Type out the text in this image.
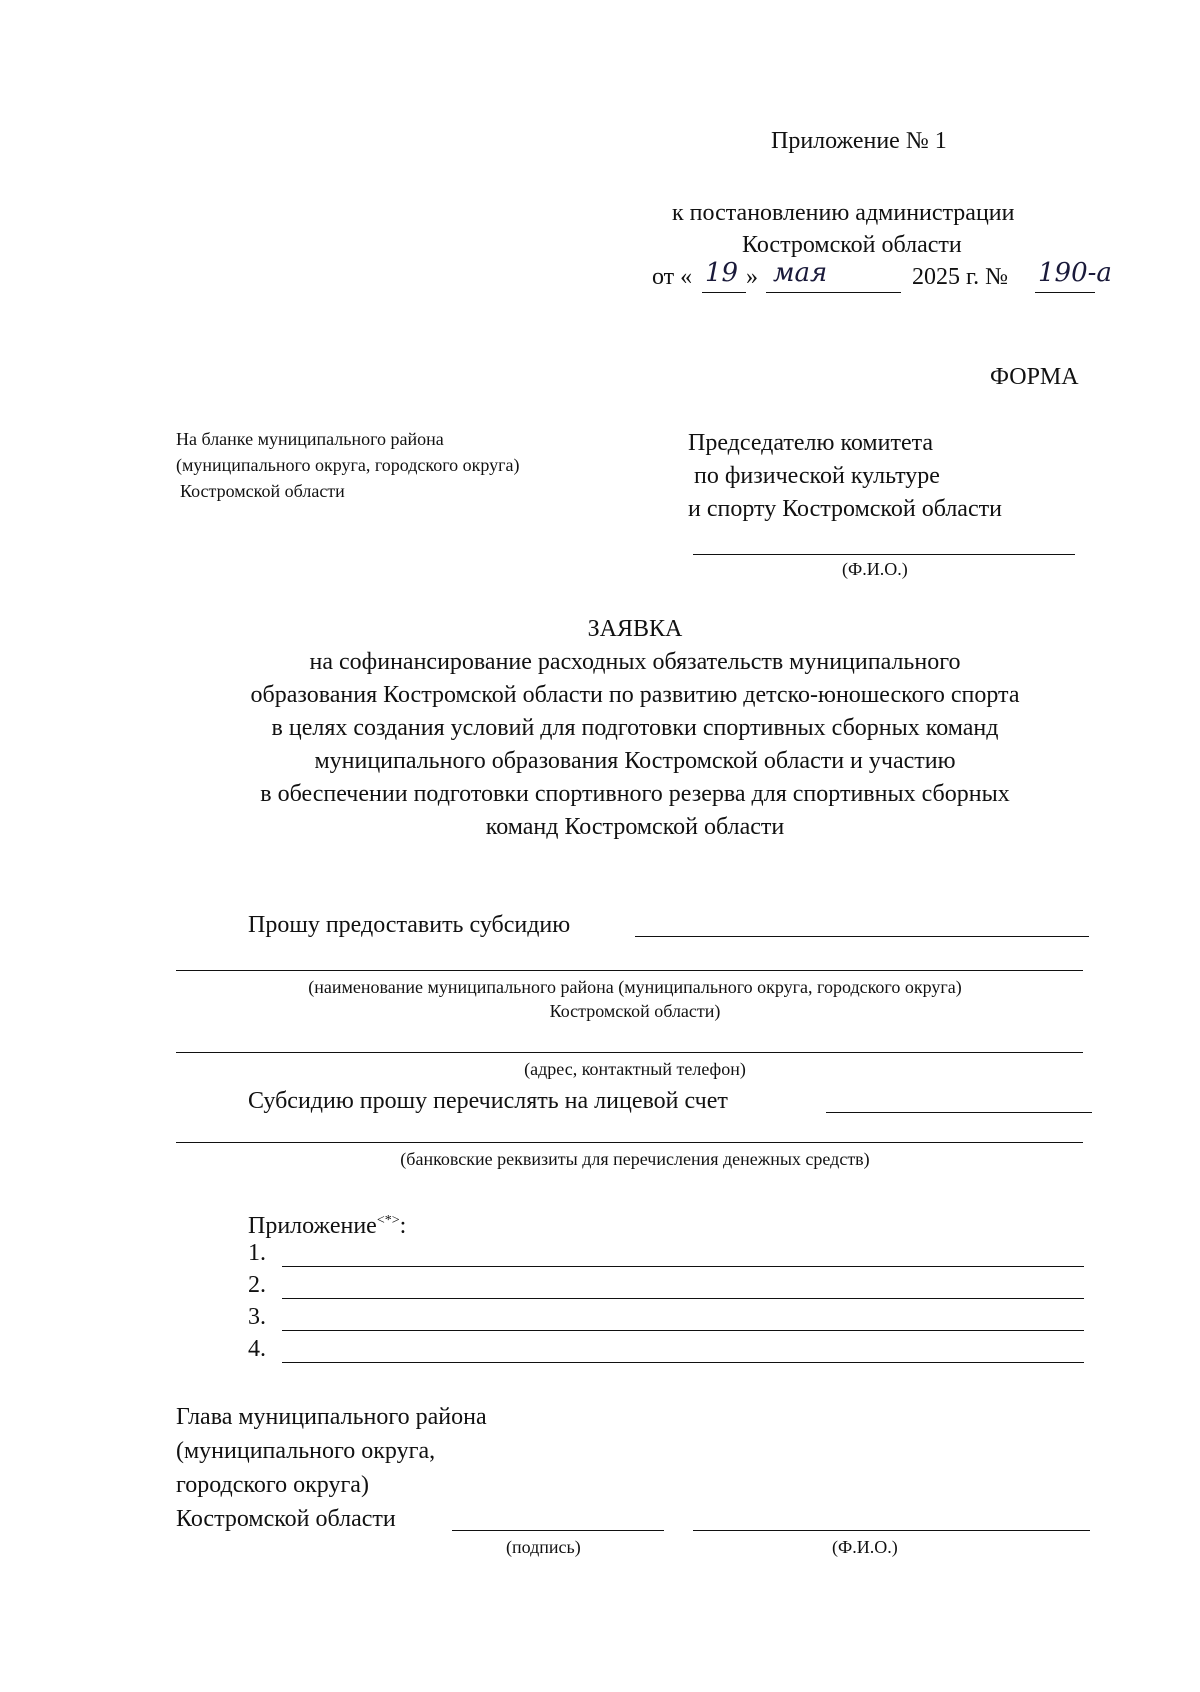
Приложение № 1
к постановлению администрации
Костромской области
от « 19 » мая	2025 г. № 190-а
ФОРМА
На бланке муниципального района
(муниципального округа, городского округа)
Костромской области
Председателю комитета
по физической культуре
и спорту Костромской области
(Ф.И.О.)
ЗАЯВКА
на софинансирование расходных обязательств муниципального
образования Костромской области по развитию детско-юношеского спорта
в целях создания условий для подготовки спортивных сборных команд
муниципального образования Костромской области и участию
в обеспечении подготовки спортивного резерва для спортивных сборных
команд Костромской области
Прошу предоставить субсидию
(наименование муниципального района (муниципального округа, городского округа)
Костромской области)
(адрес, контактный телефон)
Субсидию прошу перечислять на лицевой счет
(банковские реквизиты для перечисления денежных средств)
Приложение<*>:
1.
2.
3.
4.
Глава муниципального района
(муниципального округа,
городского округа)
Костромской области
(подпись)	(Ф.И.О.)
